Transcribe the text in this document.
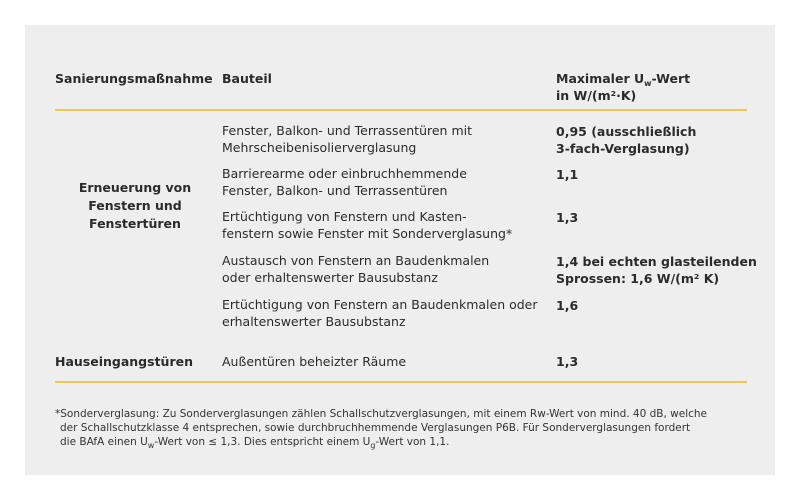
Sanierungsmaßnahme Bauteil	Maximaler $U_w$-Wert
in W/(m²·K)
Erneuerung von
Fenstern und
Fenstertüren
Fenster, Balkon- und Terrassentüren mit
Mehrscheibenisolierverglasung
0,95 (ausschließlich
3-fach-Verglasung)
Barrierearme oder einbruchhemmende
Fenster, Balkon- und Terrassentüren
1,1
Ertüchtigung von Fenstern und Kasten-
fenstern sowie Fenster mit Sonderverglasung*
1,3
Austausch von Fenstern an Baudenkmalen
oder erhaltenswerter Bausubstanz
1,4 bei echten glasteilenden
Sprossen: 1,6 W/(m² K)
Ertüchtigung von Fenstern an Baudenkmalen oder
erhaltenswerter Bausubstanz
1,6
Hauseingangstüren Außentüren beheizter Räume	1,3
*Sonderverglasung: Zu Sonderverglasungen zählen Schallschutzverglasungen, mit einem Rw-Wert von mind. 40 dB, welche
der Schallschutzklasse 4 entsprechen, sowie durchbruchhemmende Verglasungen P6B. Für Sonderverglasungen fordert
die BAfA einen $U_w$-Wert von ≤ 1,3. Dies entspricht einem $U_g$-Wert von 1,1.
